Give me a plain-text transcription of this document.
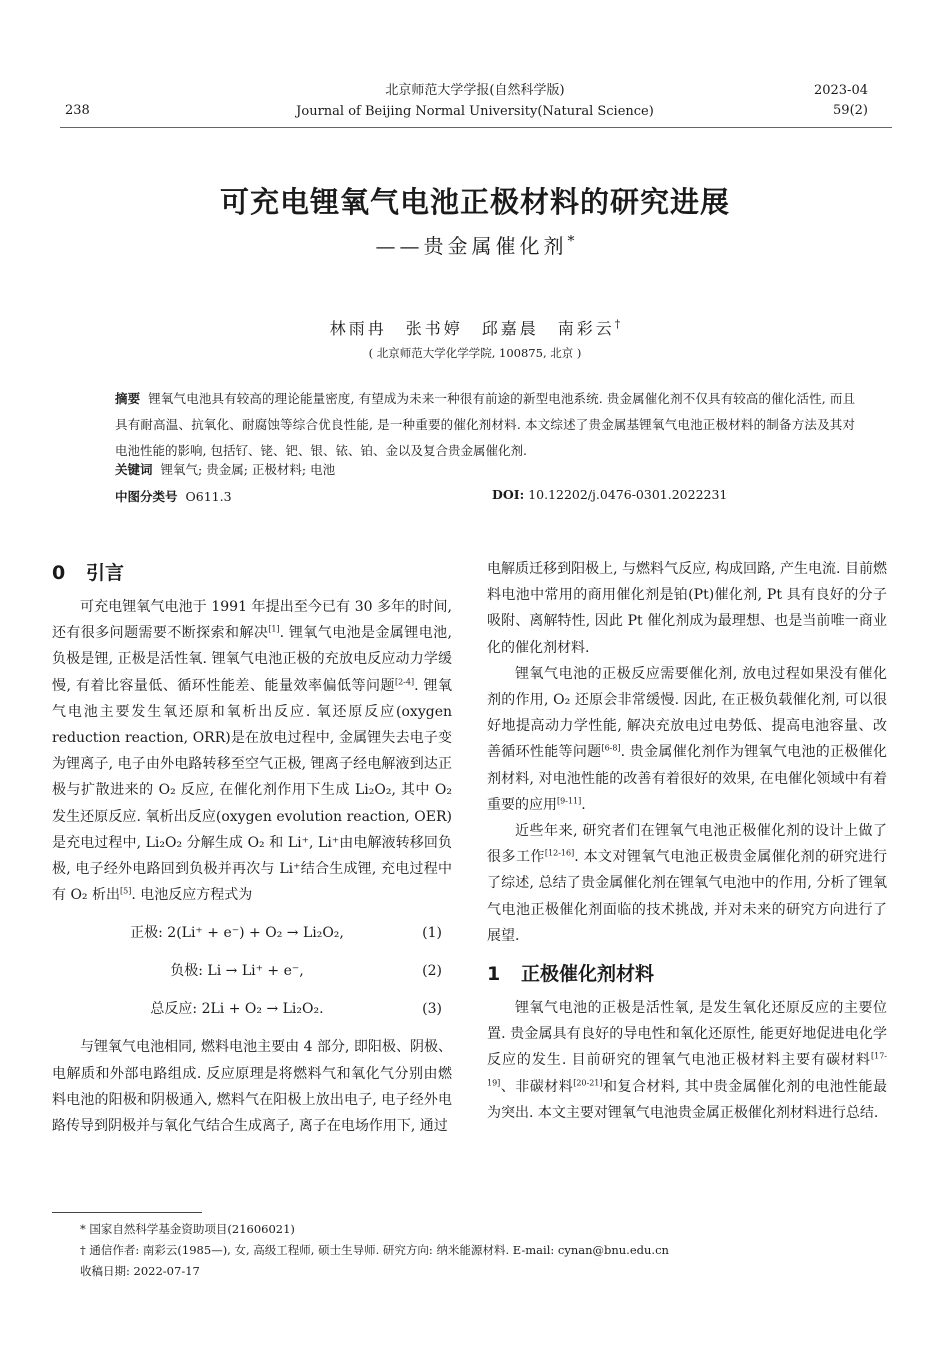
238
北京师范大学学报(自然科学版)
Journal of Beijing Normal University(Natural Science)
2023-04
59(2)
可充电锂氧气电池正极材料的研究进展
——贵金属催化剂*
林雨冉　张书婷　邱嘉晨　南彩云†
( 北京师范大学化学学院, 100875, 北京 )
摘要 锂氧气电池具有较高的理论能量密度, 有望成为未来一种很有前途的新型电池系统. 贵金属催化剂不仅具有较高的催化活性, 而且具有耐高温、抗氧化、耐腐蚀等综合优良性能, 是一种重要的催化剂材料. 本文综述了贵金属基锂氧气电池正极材料的制备方法及其对电池性能的影响, 包括钌、铑、钯、银、铱、铂、金以及复合贵金属催化剂.
关键词 锂氧气; 贵金属; 正极材料; 电池
中图分类号 O611.3	DOI: 10.12202/j.0476-0301.2022231
0 引言

可充电锂氧气电池于 1991 年提出至今已有 30 多年的时间, 还有很多问题需要不断探索和解决[1]. 锂氧气电池是金属锂电池, 负极是锂, 正极是活性氧. 锂氧气电池正极的充放电反应动力学缓慢, 有着比容量低、循环性能差、能量效率偏低等问题[2-4]. 锂氧气电池主要发生氧还原和氧析出反应. 氧还原反应(oxygen reduction reaction, ORR)是在放电过程中, 金属锂失去电子变为锂离子, 电子由外电路转移至空气正极, 锂离子经电解液到达正极与扩散进来的 O₂ 反应, 在催化剂作用下生成 Li₂O₂, 其中 O₂ 发生还原反应. 氧析出反应(oxygen evolution reaction, OER)是充电过程中, Li₂O₂ 分解生成 O₂ 和 Li⁺, Li⁺由电解液转移回负极, 电子经外电路回到负极并再次与 Li⁺结合生成锂, 充电过程中有 O₂ 析出[5]. 电池反应方程式为

正极: 2(Li⁺ + e⁻) + O₂ → Li₂O₂,	(1)
负极: Li → Li⁺ + e⁻,	(2)
总反应: 2Li + O₂ → Li₂O₂.	(3)

与锂氧气电池相同, 燃料电池主要由 4 部分, 即阳极、阴极、电解质和外部电路组成. 反应原理是将燃料气和氧化气分别由燃料电池的阳极和阴极通入, 燃料气在阳极上放出电子, 电子经外电路传导到阴极并与氧化气结合生成离子, 离子在电场作用下, 通过

电解质迁移到阳极上, 与燃料气反应, 构成回路, 产生电流. 目前燃料电池中常用的商用催化剂是铂(Pt)催化剂, Pt 具有良好的分子吸附、离解特性, 因此 Pt 催化剂成为最理想、也是当前唯一商业化的催化剂材料.

锂氧气电池的正极反应需要催化剂, 放电过程如果没有催化剂的作用, O₂ 还原会非常缓慢. 因此, 在正极负载催化剂, 可以很好地提高动力学性能, 解决充放电过电势低、提高电池容量、改善循环性能等问题[6-8]. 贵金属催化剂作为锂氧气电池的正极催化剂材料, 对电池性能的改善有着很好的效果, 在电催化领域中有着重要的应用[9-11].

近些年来, 研究者们在锂氧气电池正极催化剂的设计上做了很多工作[12-16]. 本文对锂氧气电池正极贵金属催化剂的研究进行了综述, 总结了贵金属催化剂在锂氧气电池中的作用, 分析了锂氧气电池正极催化剂面临的技术挑战, 并对未来的研究方向进行了展望.

1 正极催化剂材料

锂氧气电池的正极是活性氧, 是发生氧化还原反应的主要位置. 贵金属具有良好的导电性和氧化还原性, 能更好地促进电化学反应的发生. 目前研究的锂氧气电池正极材料主要有碳材料[17-19]、非碳材料[20-21]和复合材料, 其中贵金属催化剂的电池性能最为突出. 本文主要对锂氧气电池贵金属正极催化剂材料进行总结.

* 国家自然科学基金资助项目(21606021)
† 通信作者: 南彩云(1985—), 女, 高级工程师, 硕士生导师. 研究方向: 纳米能源材料. E-mail: cynan@bnu.edu.cn
收稿日期: 2022-07-17
